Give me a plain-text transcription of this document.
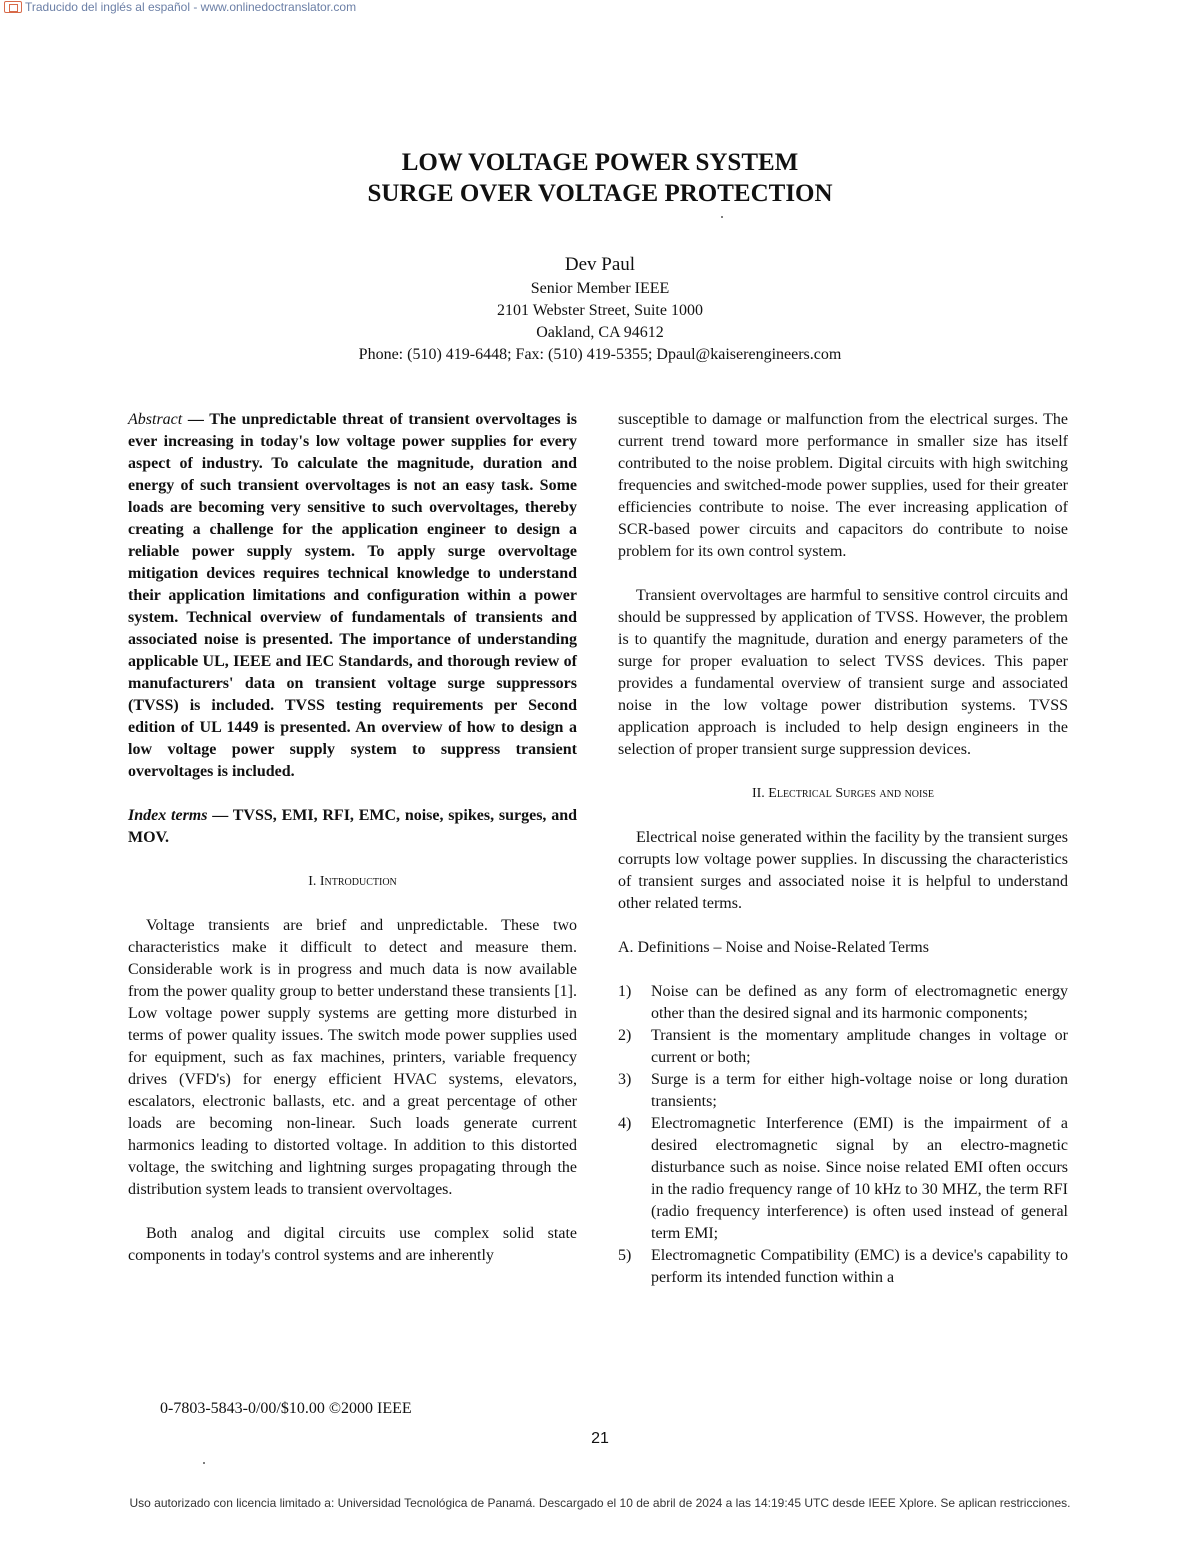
Traducido del inglés al español - www.onlinedoctranslator.com
LOW VOLTAGE POWER SYSTEM
SURGE OVER VOLTAGE PROTECTION
Dev Paul
Senior Member IEEE
2101 Webster Street, Suite 1000
Oakland, CA 94612
Phone: (510) 419-6448; Fax: (510) 419-5355; Dpaul@kaiserengineers.com

Abstract — The unpredictable threat of transient overvoltages is ever increasing in today's low voltage power supplies for every aspect of industry. To calculate the magnitude, duration and energy of such transient overvoltages is not an easy task. Some loads are becoming very sensitive to such overvoltages, thereby creating a challenge for the application engineer to design a reliable power supply system. To apply surge overvoltage mitigation devices requires technical knowledge to understand their application limitations and configuration within a power system. Technical overview of fundamentals of transients and associated noise is presented. The importance of understanding applicable UL, IEEE and IEC Standards, and thorough review of manufacturers' data on transient voltage surge suppressors (TVSS) is included. TVSS testing requirements per Second edition of UL 1449 is presented. An overview of how to design a low voltage power supply system to suppress transient overvoltages is included.

Index terms — TVSS, EMI, RFI, EMC, noise, spikes, surges, and MOV.

I. Introduction

Voltage transients are brief and unpredictable. These two characteristics make it difficult to detect and measure them. Considerable work is in progress and much data is now available from the power quality group to better understand these transients [1]. Low voltage power supply systems are getting more disturbed in terms of power quality issues. The switch mode power supplies used for equipment, such as fax machines, printers, variable frequency drives (VFD's) for energy efficient HVAC systems, elevators, escalators, electronic ballasts, etc. and a great percentage of other loads are becoming non-linear. Such loads generate current harmonics leading to distorted voltage. In addition to this distorted voltage, the switching and lightning surges propagating through the distribution system leads to transient overvoltages.

Both analog and digital circuits use complex solid state components in today's control systems and are inherently

susceptible to damage or malfunction from the electrical surges. The current trend toward more performance in smaller size has itself contributed to the noise problem. Digital circuits with high switching frequencies and switched-mode power supplies, used for their greater efficiencies contribute to noise. The ever increasing application of SCR-based power circuits and capacitors do contribute to noise problem for its own control system.

Transient overvoltages are harmful to sensitive control circuits and should be suppressed by application of TVSS. However, the problem is to quantify the magnitude, duration and energy parameters of the surge for proper evaluation to select TVSS devices. This paper provides a fundamental overview of transient surge and associated noise in the low voltage power distribution systems. TVSS application approach is included to help design engineers in the selection of proper transient surge suppression devices.

II. Electrical Surges and noise

Electrical noise generated within the facility by the transient surges corrupts low voltage power supplies. In discussing the characteristics of transient surges and associated noise it is helpful to understand other related terms.

A. Definitions – Noise and Noise-Related Terms

1) Noise can be defined as any form of electromagnetic energy other than the desired signal and its harmonic components;
2) Transient is the momentary amplitude changes in voltage or current or both;
3) Surge is a term for either high-voltage noise or long duration transients;
4) Electromagnetic Interference (EMI) is the impairment of a desired electromagnetic signal by an electro-magnetic disturbance such as noise. Since noise related EMI often occurs in the radio frequency range of 10 kHz to 30 MHZ, the term RFI (radio frequency interference) is often used instead of general term EMI;
5) Electromagnetic Compatibility (EMC) is a device's capability to perform its intended function within a
0-7803-5843-0/00/$10.00 ©2000 IEEE
21
Uso autorizado con licencia limitado a: Universidad Tecnológica de Panamá. Descargado el 10 de abril de 2024 a las 14:19:45 UTC desde IEEE Xplore. Se aplican restricciones.
